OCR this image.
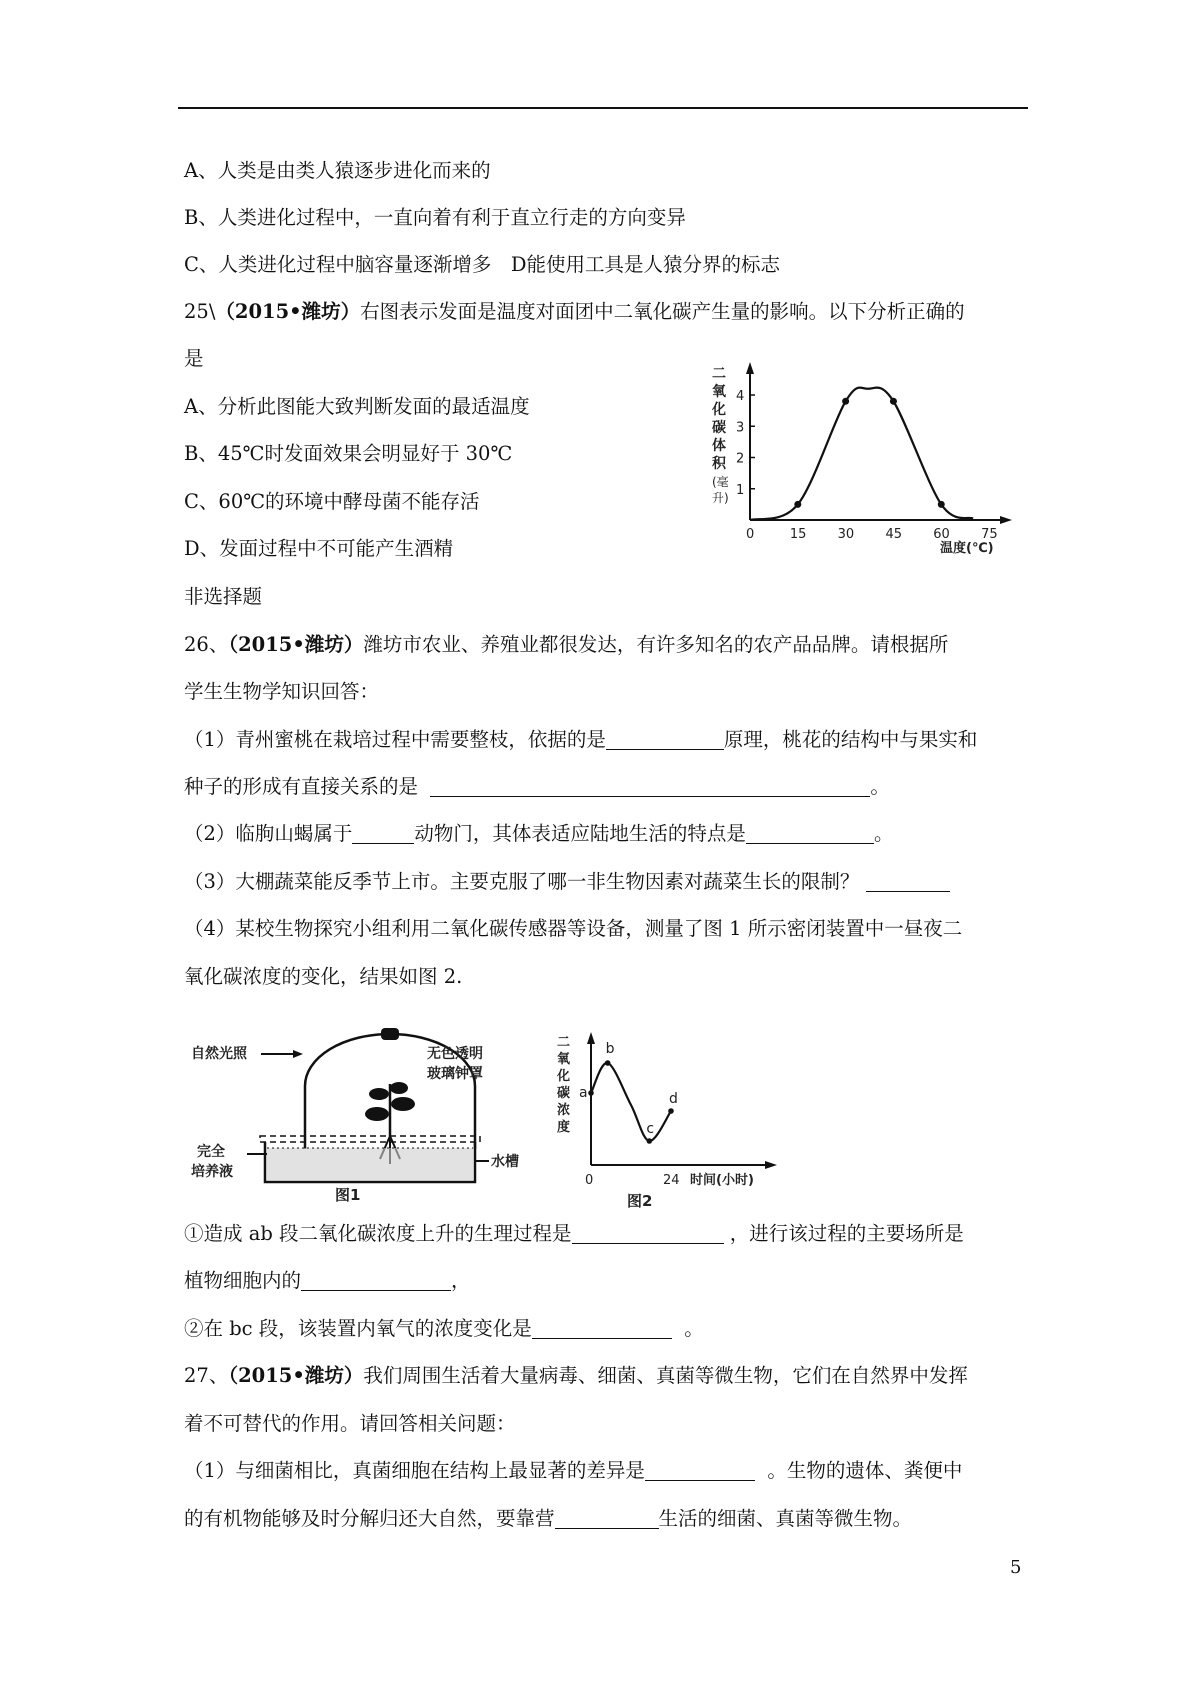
A、人类是由类人猿逐步进化而来的
B、人类进化过程中，一直向着有利于直立行走的方向变异
C、人类进化过程中脑容量逐渐增多　D能使用工具是人猿分界的标志
25\（2015•潍坊）右图表示发面是温度对面团中二氧化碳产生量的影响。以下分析正确的
是
A、分析此图能大致判断发面的最适温度
B、45℃时发面效果会明显好于 30℃
C、60℃的环境中酵母菌不能存活
D、发面过程中不可能产生酒精
二
氧
化
碳
体
积
(毫
升)
温度(℃)
0	15 30 45 60 75
1
2
3
4
非选择题
26、（2015•潍坊）潍坊市农业、养殖业都很发达，有许多知名的农产品品牌。请根据所
学生生物学知识回答：
（1）青州蜜桃在栽培过程中需要整枝，依据的是	原理，桃花的结构中与果实和
种子的形成有直接关系的是	。
（2）临朐山蝎属于	动物门，其体表适应陆地生活的特点是	。
（3）大棚蔬菜能反季节上市。主要克服了哪一非生物因素对蔬菜生长的限制？
（4）某校生物探究小组利用二氧化碳传感器等设备，测量了图 1 所示密闭装置中一昼夜二
氧化碳浓度的变化，结果如图 2.
自然光照	无色透明
玻璃钟罩
完全
培养液
水槽
图1
二
氧
化
碳
浓
度
0	24 时间(小时)
a
b
c
d
图2
①造成 ab 段二氧化碳浓度上升的生理过程是	，进行该过程的主要场所是
植物细胞内的	，
②在 bc 段，该装置内氧气的浓度变化是	。
27、（2015•潍坊）我们周围生活着大量病毒、细菌、真菌等微生物，它们在自然界中发挥
着不可替代的作用。请回答相关问题：
（1）与细菌相比，真菌细胞在结构上最显著的差异是	。生物的遗体、粪便中
的有机物能够及时分解归还大自然，要靠营	生活的细菌、真菌等微生物。
5
